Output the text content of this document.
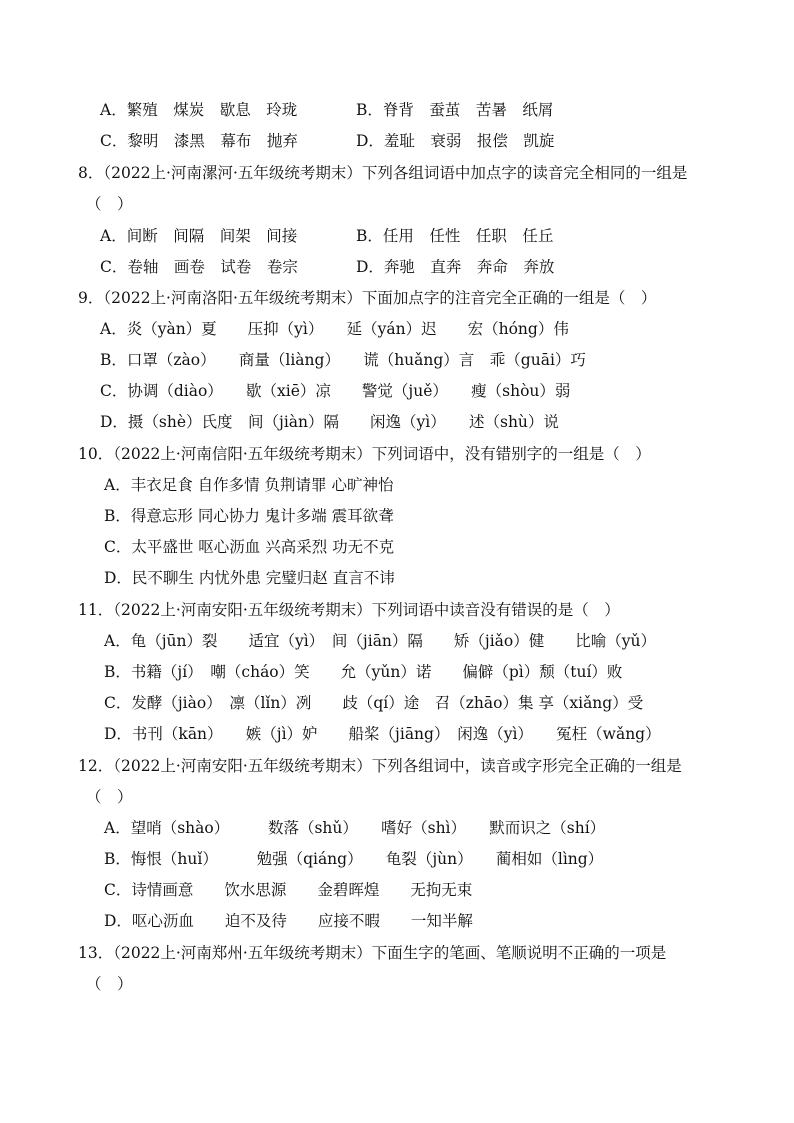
A．繁殖　煤炭　歇息　玲珑	B．脊背　蚕茧　苦暑　纸屑
C．黎明　漆黑　幕布　抛弃	D．羞耻　衰弱　报偿　凯旋
8．（2022上·河南漯河·五年级统考期末）下列各组词语中加点字的读音完全相同的一组是
（　）
A．间断　间隔　间架　间接	B．任用　任性　任职　任丘
C．卷轴　画卷　试卷　卷宗	D．奔驰　直奔　奔命　奔放
9．（2022上·河南洛阳·五年级统考期末）下面加点字的注音完全正确的一组是（　）
A．炎（yàn）夏　　压抑（yì）　　延（yán）迟　　宏（hóng）伟
B．口罩（zào）　　商量（liàng）　　谎（huǎng）言　乖（guāi）巧
C．协调（diào）　　歇（xiē）凉　　警觉（juě）　　瘦（shòu）弱
D．摄（shè）氏度　间（jiàn）隔　　闲逸（yì）　　述（shù）说
10．（2022上·河南信阳·五年级统考期末）下列词语中，没有错别字的一组是（　）
A．丰衣足食 自作多情 负荆请罪 心旷神怡
B．得意忘形 同心协力 鬼计多端 震耳欲聋
C．太平盛世 呕心沥血 兴高采烈 功无不克
D．民不聊生 内忧外患 完璧归赵 直言不讳
11．（2022上·河南安阳·五年级统考期末）下列词语中读音没有错误的是（　）
A．龟（jūn）裂　　适宜（yì）　间（jiān）隔　　矫（jiǎo）健　　比喻（yǔ）
B．书籍（jí）　嘲（cháo）笑　　允（yǔn）诺　　偏僻（pì）颓（tuí）败
C．发酵（jiào）　凛（lǐn）冽　　歧（qí）途　召（zhāo）集 享（xiǎng）受
D．书刊（kān）　　嫉（jì）妒　　船桨（jiāng）　闲逸（yì）　　冤枉（wǎng）
12．（2022上·河南安阳·五年级统考期末）下列各组词中，读音或字形完全正确的一组是
（　）
A．望哨（shào）　　　数落（shǔ）　　嗜好（shì）　　默而识之（shí）
B．悔恨（huǐ）　　　勉强（qiáng）　　龟裂（jùn）　　蔺相如（lìng）
C．诗情画意　　饮水思源　　金碧晖煌　　无拘无束
D．呕心沥血　　迫不及待　　应接不暇　　一知半解
13．（2022上·河南郑州·五年级统考期末）下面生字的笔画、笔顺说明不正确的一项是
（　）
